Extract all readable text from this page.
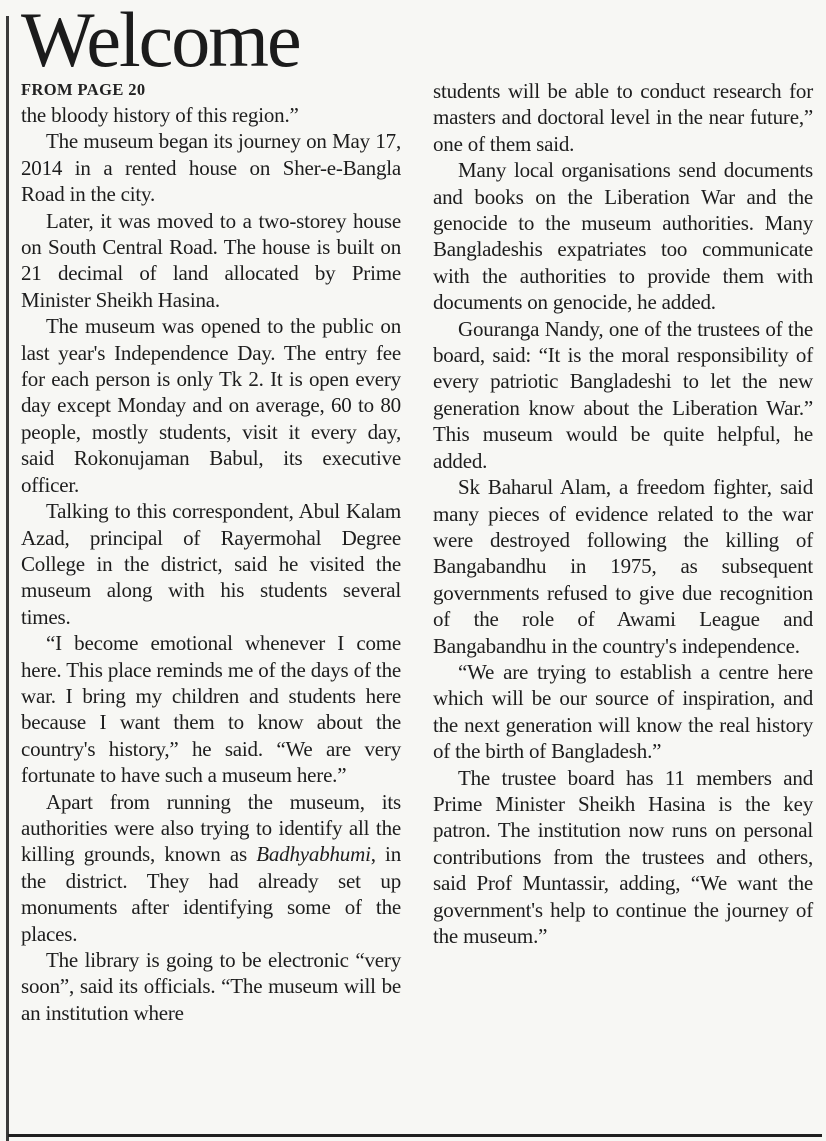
Welcome
FROM PAGE 20

the bloody history of this region.”

The museum began its journey on May 17, 2014 in a rented house on Sher-e-Bangla Road in the city.

Later, it was moved to a two-storey house on South Central Road. The house is built on 21 decimal of land allocated by Prime Minister Sheikh Hasina.

The museum was opened to the public on last year's Independence Day. The entry fee for each person is only Tk 2. It is open every day except Monday and on average, 60 to 80 people, mostly students, visit it every day, said Rokonujaman Babul, its executive officer.

Talking to this correspondent, Abul Kalam Azad, principal of Rayermohal Degree College in the district, said he visited the museum along with his students several times.

“I become emotional whenever I come here. This place reminds me of the days of the war. I bring my children and students here because I want them to know about the country's history,” he said. “We are very fortunate to have such a museum here.”

Apart from running the museum, its authorities were also trying to identify all the killing grounds, known as Badhyabhumi, in the district. They had already set up monuments after identifying some of the places.

The library is going to be electronic “very soon”, said its officials. “The museum will be an institution where

students will be able to conduct research for masters and doctoral level in the near future,” one of them said.

Many local organisations send documents and books on the Liberation War and the genocide to the museum authorities. Many Bangladeshis expatriates too communicate with the authorities to provide them with documents on genocide, he added.

Gouranga Nandy, one of the trustees of the board, said: “It is the moral responsibility of every patriotic Bangladeshi to let the new generation know about the Liberation War.” This museum would be quite helpful, he added.

Sk Baharul Alam, a freedom fighter, said many pieces of evidence related to the war were destroyed following the killing of Bangabandhu in 1975, as subsequent governments refused to give due recognition of the role of Awami League and Bangabandhu in the country's independence.

“We are trying to establish a centre here which will be our source of inspiration, and the next generation will know the real history of the birth of Bangladesh.”

The trustee board has 11 members and Prime Minister Sheikh Hasina is the key patron. The institution now runs on personal contributions from the trustees and others, said Prof Muntassir, adding, “We want the government's help to continue the journey of the museum.”
